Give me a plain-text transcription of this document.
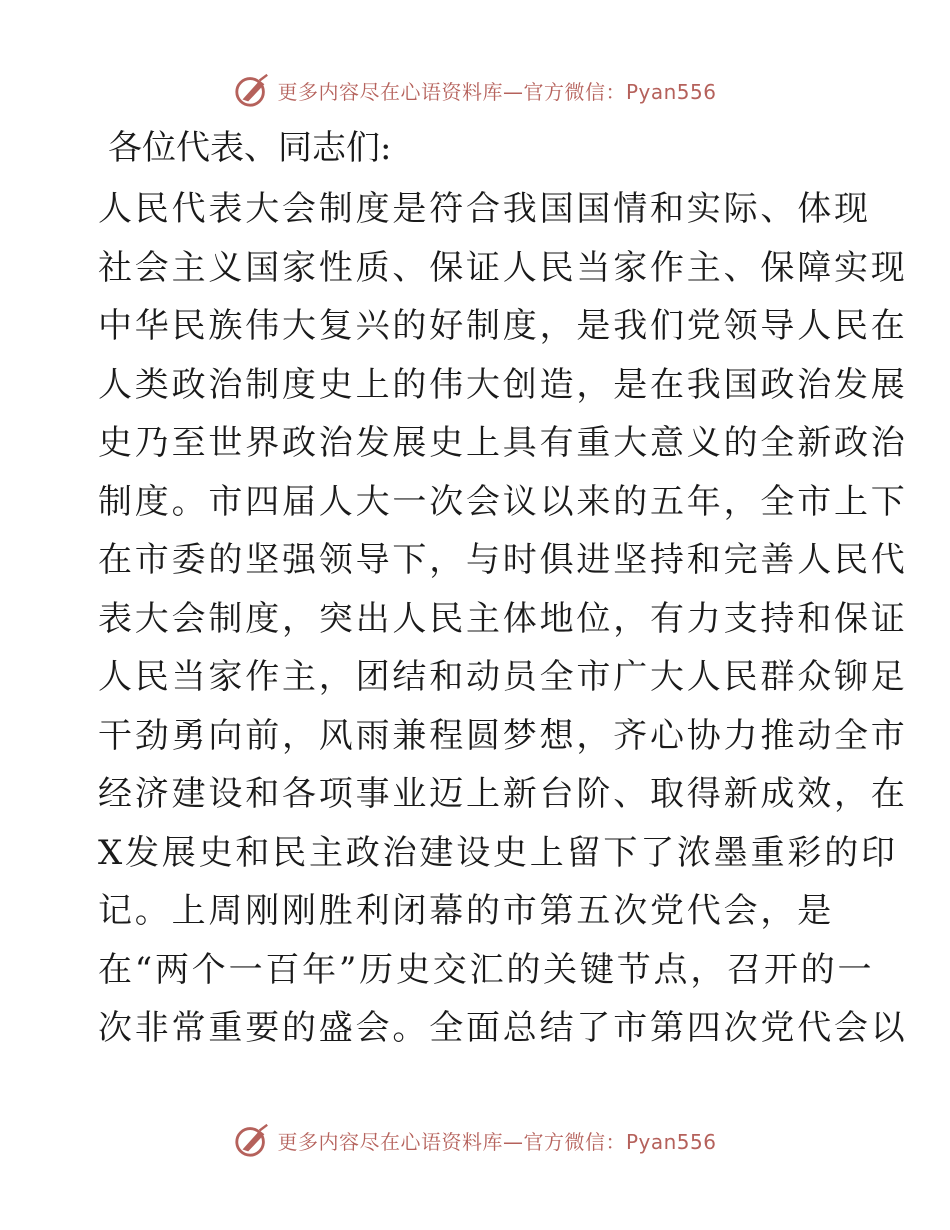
更多内容尽在心语资料库—官方微信：Pyan556
各位代表、同志们:
人民代表大会制度是符合我国国情和实际、体现
社会主义国家性质、保证人民当家作主、保障实现
中华民族伟大复兴的好制度，是我们党领导人民在
人类政治制度史上的伟大创造，是在我国政治发展
史乃至世界政治发展史上具有重大意义的全新政治
制度。市四届人大一次会议以来的五年，全市上下
在市委的坚强领导下，与时俱进坚持和完善人民代
表大会制度，突出人民主体地位，有力支持和保证
人民当家作主，团结和动员全市广大人民群众铆足
干劲勇向前，风雨兼程圆梦想，齐心协力推动全市
经济建设和各项事业迈上新台阶、取得新成效，在
X发展史和民主政治建设史上留下了浓墨重彩的印
记。上周刚刚胜利闭幕的市第五次党代会，是
在“两个一百年”历史交汇的关键节点，召开的一
次非常重要的盛会。全面总结了市第四次党代会以
更多内容尽在心语资料库—官方微信：Pyan556
